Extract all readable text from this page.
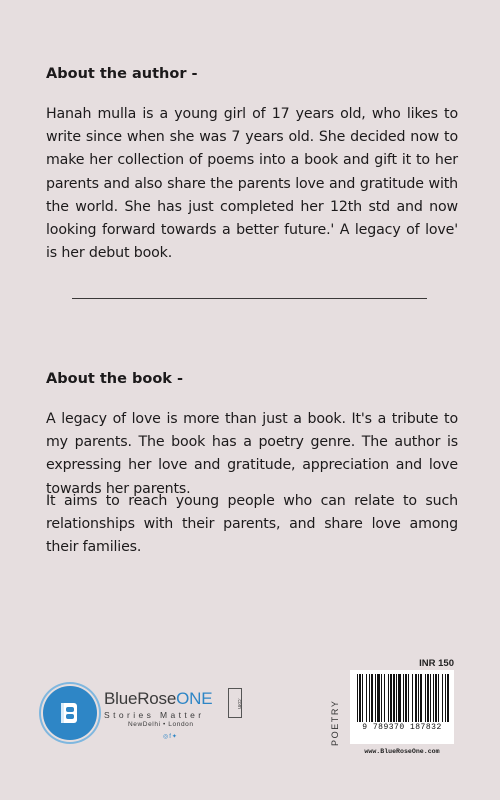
About the author -

Hanah mulla is a young girl of 17 years old, who likes to write since when she was 7 years old. She decided now to make her collection of poems into a book and gift it to her parents and also share the parents love and gratitude with the world. She has just completed her 12th std and now looking forward towards a better future.' A legacy of love' is her debut book.

About the book -

A legacy of love is more than just a book. It's a tribute to my parents. The book has a poetry genre. The author is expressing her love and gratitude, appreciation and love towards her parents.

It aims to reach young people who can relate to such relationships with their parents, and share love among their families.

BlueRoseONE	.com
Stories Matter
NewDelhi • London
◎f✦
INR 150
POETRY	9 789370 187832
www.BlueRoseOne.com
